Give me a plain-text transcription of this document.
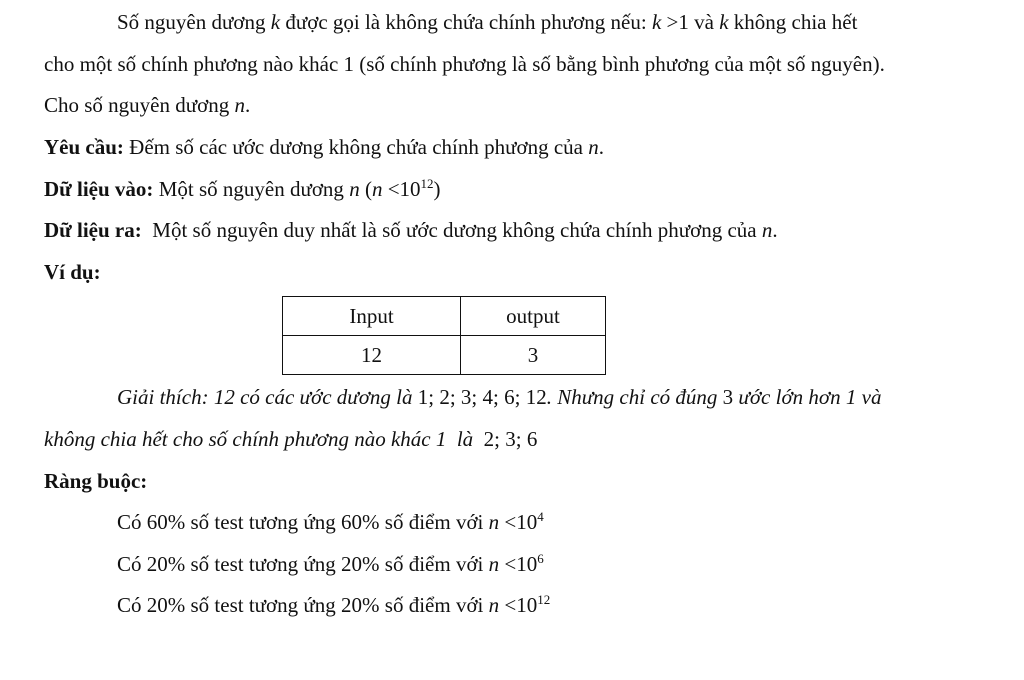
Số nguyên dương k được gọi là không chứa chính phương nếu: k >1 và k không chia hết
cho một số chính phương nào khác 1 (số chính phương là số bằng bình phương của một số nguyên).
Cho số nguyên dương n.
Yêu cầu: Đếm số các ước dương không chứa chính phương của n.
Dữ liệu vào: Một số nguyên dương n $(n <10^{12})$
Dữ liệu ra:  Một số nguyên duy nhất là số ước dương không chứa chính phương của n.
Ví dụ:
Input	output
12	3
Giải thích: 12 có các ước dương là 1; 2; 3; 4; 6; 12. Nhưng chỉ có đúng 3 ước lớn hơn 1 và
không chia hết cho số chính phương nào khác 1  là  2; 3; 6
Ràng buộc:
Có 60% số test tương ứng 60% số điểm với $n <10^4$
Có 20% số test tương ứng 20% số điểm với $n <10^6$
Có 20% số test tương ứng 20% số điểm với $n <10^{12}$
